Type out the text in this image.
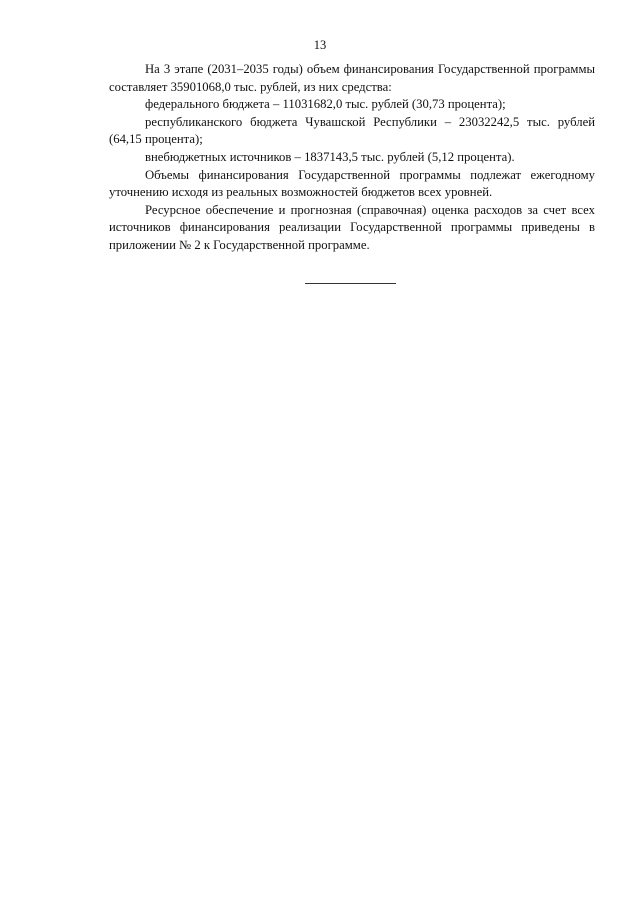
13

На 3 этапе (2031–2035 годы) объем финансирования Государственной программы составляет 35901068,0 тыс. рублей, из них средства:

федерального бюджета – 11031682,0 тыс. рублей (30,73 процента);

республиканского бюджета Чувашской Республики – 23032242,5 тыс. рублей (64,15 процента);

внебюджетных источников – 1837143,5 тыс. рублей (5,12 процента).

Объемы финансирования Государственной программы подлежат ежегодному уточнению исходя из реальных возможностей бюджетов всех уровней.

Ресурсное обеспечение и прогнозная (справочная) оценка расходов за счет всех источников финансирования реализации Государственной программы приведены в приложении № 2 к Государственной программе.
